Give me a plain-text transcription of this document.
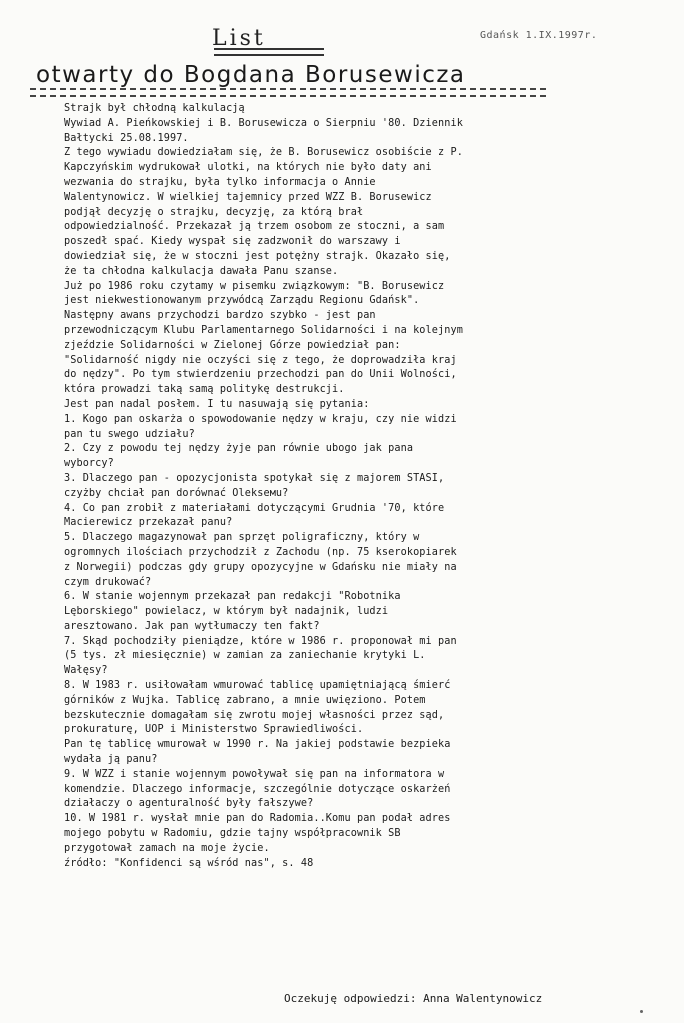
List	Gdańsk 1.IX.1997r.
otwarty do Bogdana Borusewicza
Strajk był chłodną kalkulacją
Wywiad A. Pieńkowskiej i B. Borusewicza o Sierpniu '80. Dziennik
Bałtycki 25.08.1997.
Z tego wywiadu dowiedziałam się, że B. Borusewicz osobiście z P.
Kapczyńskim wydrukował ulotki, na których nie było daty ani
wezwania do strajku, była tylko informacja o Annie
Walentynowicz. W wielkiej tajemnicy przed WZZ B. Borusewicz
podjął decyzję o strajku, decyzję, za którą brał
odpowiedzialność. Przekazał ją trzem osobom ze stoczni, a sam
poszedł spać. Kiedy wyspał się zadzwonił do warszawy i
dowiedział się, że w stoczni jest potężny strajk. Okazało się,
że ta chłodna kalkulacja dawała Panu szanse.
Już po 1986 roku czytamy w pisemku związkowym: "B. Borusewicz
jest niekwestionowanym przywódcą Zarządu Regionu Gdańsk".
Następny awans przychodzi bardzo szybko - jest pan
przewodniczącym Klubu Parlamentarnego Solidarności i na kolejnym
zjeździe Solidarności w Zielonej Górze powiedział pan:
"Solidarność nigdy nie oczyści się z tego, że doprowadziła kraj
do nędzy". Po tym stwierdzeniu przechodzi pan do Unii Wolności,
która prowadzi taką samą politykę destrukcji.
Jest pan nadal posłem. I tu nasuwają się pytania:
1. Kogo pan oskarża o spowodowanie nędzy w kraju, czy nie widzi
pan tu swego udziału?
2. Czy z powodu tej nędzy żyje pan równie ubogo jak pana
wyborcy?
3. Dlaczego pan - opozycjonista spotykał się z majorem STASI,
czyżby chciał pan dorównać Olekseмu?
4. Co pan zrobił z materiałami dotyczącymi Grudnia '70, które
Macierewicz przekazał panu?
5. Dlaczego magazynował pan sprzęt poligraficzny, który w
ogromnych ilościach przychodził z Zachodu (np. 75 kserokopiarek
z Norwegii) podczas gdy grupy opozycyjne w Gdańsku nie miały na
czym drukować?
6. W stanie wojennym przekazał pan redakcji "Robotnika
Lęborskiego" powielacz, w którym był nadajnik, ludzi
aresztowano. Jak pan wytłumaczy ten fakt?
7. Skąd pochodziły pieniądze, które w 1986 r. proponował mi pan
(5 tys. zł miesięcznie) w zamian za zaniechanie krytyki L.
Wałęsy?
8. W 1983 r. usiłowałam wmurować tablicę upamiętniającą śmierć
górników z Wujka. Tablicę zabrano, a mnie uwięziono. Potem
bezskutecznie domagałam się zwrotu mojej własności przez sąd,
prokuraturę, UOP i Ministerstwo Sprawiedliwości.
Pan tę tablicę wmurował w 1990 r. Na jakiej podstawie bezpieka
wydała ją panu?
9. W WZZ i stanie wojennym powoływał się pan na informatora w
komendzie. Dlaczego informacje, szczególnie dotyczące oskarżeń
działaczy o agenturalność były fałszywe?
10. W 1981 r. wysłał mnie pan do Radomia..Komu pan podał adres
mojego pobytu w Radomiu, gdzie tajny współpracownik SB
przygotował zamach na moje życie.
źródło: "Konfidenci są wśród nas", s. 48
Oczekuję odpowiedzi: Anna Walentynowicz
